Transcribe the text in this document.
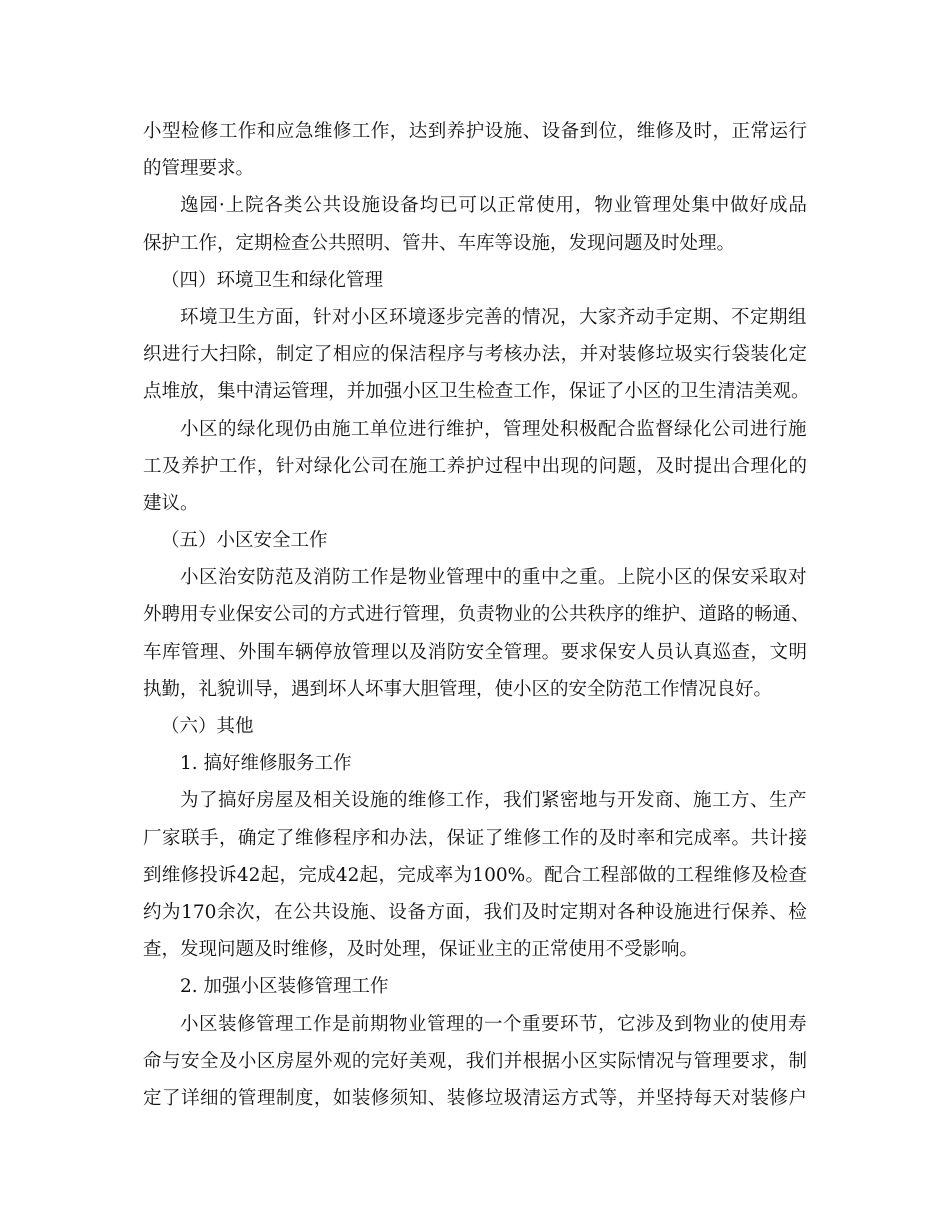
小 型 检 修 工 作 和 应 急 维 修 工 作 ， 达 到 养 护 设 施 、 设 备 到 位 ， 维 修 及 时 ， 正 常 运 行
的管理要求。
逸 园 · 上 院 各 类 公 共 设 施 设 备 均 已 可 以 正 常 使 用 ， 物 业 管 理 处 集 中 做 好 成 品
保护工作，定期检查公共照明、管井、车库等设施，发现问题及时处理。
（四）环境卫生和绿化管理
环 境 卫 生 方 面 ， 针 对 小 区 环 境 逐 步 完 善 的 情 况 ， 大 家 齐 动 手 定 期 、 不 定 期 组
织 进 行 大 扫 除 ， 制 定 了 相 应 的 保 洁 程 序 与 考 核 办 法 ， 并 对 装 修 垃 圾 实 行 袋 装 化 定
点 堆 放 ， 集 中 清 运 管 理 ， 并 加 强 小 区 卫 生 检 查 工 作 ， 保 证 了 小 区 的 卫 生 清 洁 美 观 。
小 区 的 绿 化 现 仍 由 施 工 单 位 进 行 维 护 ， 管 理 处 积 极 配 合 监 督 绿 化 公 司 进 行 施
工 及 养 护 工 作 ， 针 对 绿 化 公 司 在 施 工 养 护 过 程 中 出 现 的 问 题 ， 及 时 提 出 合 理 化 的
建议。
（五）小区安全工作
小 区 治 安 防 范 及 消 防 工 作 是 物 业 管 理 中 的 重 中 之 重 。 上 院 小 区 的 保 安 采 取 对
外 聘 用 专 业 保 安 公 司 的 方 式 进 行 管 理 ， 负 责 物 业 的 公 共 秩 序 的 维 护 、 道 路 的 畅 通 、
车 库 管 理 、 外 围 车 辆 停 放 管 理 以 及 消 防 安 全 管 理 。 要 求 保 安 人 员 认 真 巡 查 ， 文 明
执勤，礼貌训导，遇到坏人坏事大胆管理，使小区的安全防范工作情况良好。
（六）其他
1. 搞好维修服务工作
为 了 搞 好 房 屋 及 相 关 设 施 的 维 修 工 作 ， 我 们 紧 密 地 与 开 发 商 、 施 工 方 、 生 产
厂 家 联 手 ， 确 定 了 维 修 程 序 和 办 法 ， 保 证 了 维 修 工 作 的 及 时 率 和 完 成 率 。 共 计 接
到 维 修 投 诉 42 起 ， 完 成 42 起 ， 完 成 率 为 100% 。 配 合 工 程 部 做 的 工 程 维 修 及 检 查
约 为 170 余 次 ， 在 公 共 设 施 、 设 备 方 面 ， 我 们 及 时 定 期 对 各 种 设 施 进 行 保 养 、 检
查，发现问题及时维修，及时处理，保证业主的正常使用不受影响。
2. 加强小区装修管理工作
小 区 装 修 管 理 工 作 是 前 期 物 业 管 理 的 一 个 重 要 环 节 ， 它 涉 及 到 物 业 的 使 用 寿
命 与 安 全 及 小 区 房 屋 外 观 的 完 好 美 观 ， 我 们 并 根 据 小 区 实 际 情 况 与 管 理 要 求 ， 制
定 了 详 细 的 管 理 制 度 ， 如 装 修 须 知 、 装 修 垃 圾 清 运 方 式 等 ， 并 坚 持 每 天 对 装 修 户
